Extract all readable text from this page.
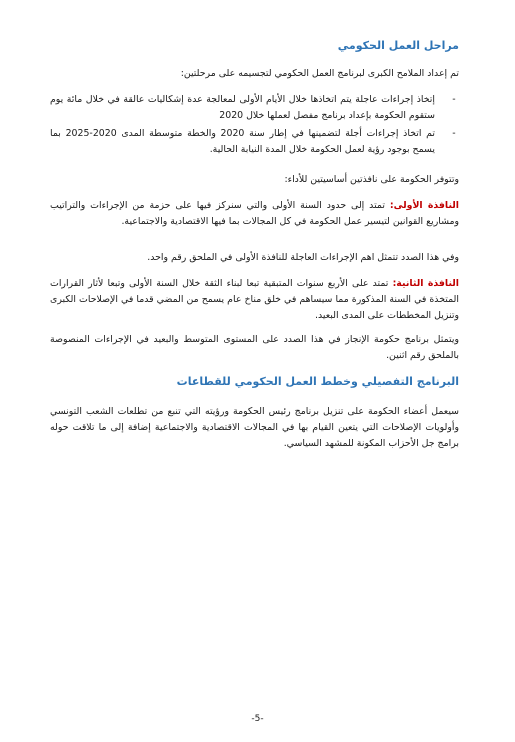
مراحل العمل الحكومي
تم إعداد الملامح الكبرى لبرنامج العمل الحكومي لتجسيمه على مرحلتين:
-
إتخاذ إجراءات عاجلة يتم اتخاذها خلال الأيام الأولى لمعالجة عدة إشكاليات عالقة في خلال مائة يوم ستقوم الحكومة بإعداد برنامج مفصل لعملها خلال 2020
-
تم اتخاذ إجراءات أجلة لتضمينها في إطار سنة 2020 والخطة متوسطة المدى 2020-2025 بما يسمح بوجود رؤية لعمل الحكومة خلال المدة النيابة الحالية.
وتتوفر الحكومة على نافذتين أساسيتين للأداء:
النافذة الأولى: تمتد إلى حدود السنة الأولى والتي سنركز فيها على حزمة من الإجراءات والتراتيب ومشاريع القوانين لتيسير عمل الحكومة في كل المجالات بما فيها الاقتصادية والاجتماعية.
وفي هذا الصدد تتمثل اهم الإجراءات العاجلة للنافذة الأولى في الملحق رقم واحد.
النافذة الثانية: تمتد على الأربع سنوات المتبقية تبعا لبناء الثقة خلال السنة الأولى وتبعا لأثار القرارات المتخذة في السنة المذكورة مما سيساهم في خلق مناخ عام يسمح من المضي قدما في الإصلاحات الكبرى وتنزيل المخططات على المدى البعيد.
ويتمثل برنامج حكومة الإنجاز في هذا الصدد على المستوى المتوسط والبعيد في الإجراءات المنصوصة بالملحق رقم اثنين.
البرنامج التفصيلي وخطط العمل الحكومي للقطاعات
سيعمل أعضاء الحكومة على تنزيل برنامج رئيس الحكومة ورؤيته التي تنبع من تطلعات الشعب التونسي وأولويات الإصلاحات التي يتعين القيام بها في المجالات الاقتصادية والاجتماعية إضافة إلى ما تلاقت حوله برامج جل الأحزاب المكونة للمشهد السياسي.
-5-
